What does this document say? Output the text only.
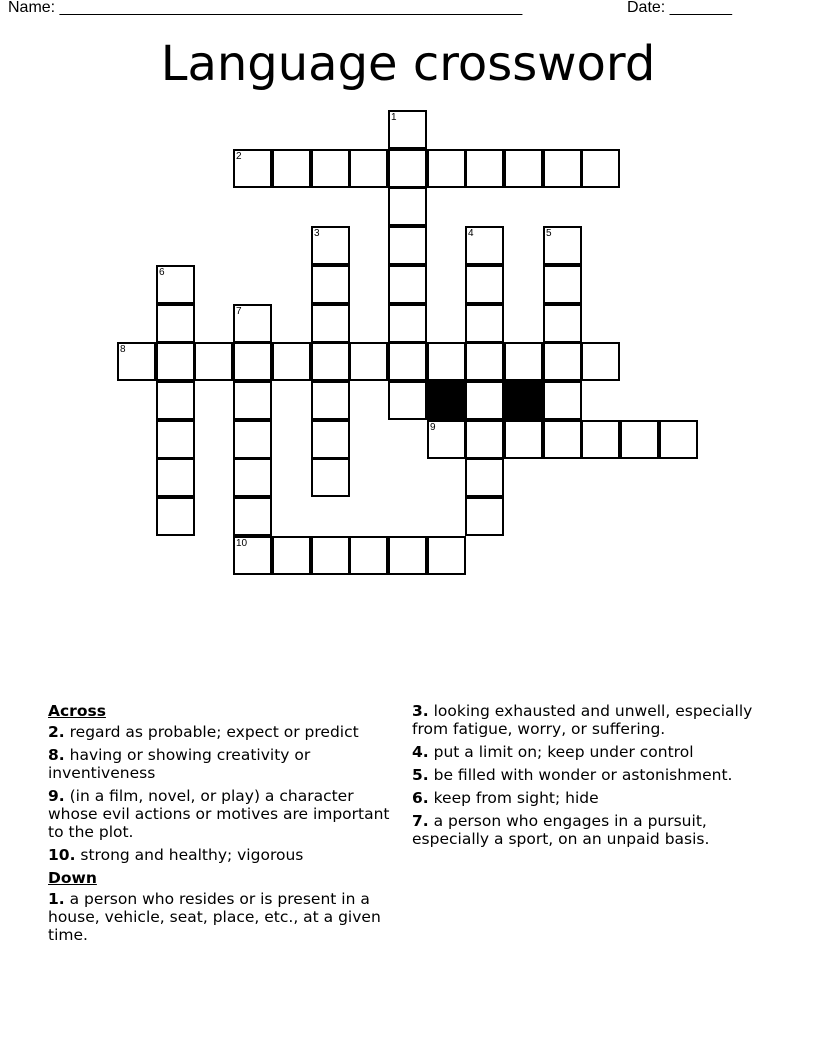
Name: ____________________________________________________	Date: _______
Language crossword
1
2
3	4	5
6
7
8
9
10
Across
2. regard as probable; expect or predict
8. having or showing creativity or inventiveness
9. (in a film, novel, or play) a character whose evil actions or motives are important to the plot.
10. strong and healthy; vigorous
Down
1. a person who resides or is present in a house, vehicle, seat, place, etc., at a given time.
3. looking exhausted and unwell, especially from fatigue, worry, or suffering.
4. put a limit on; keep under control
5. be filled with wonder or astonishment.
6. keep from sight; hide
7. a person who engages in a pursuit, especially a sport, on an unpaid basis.
